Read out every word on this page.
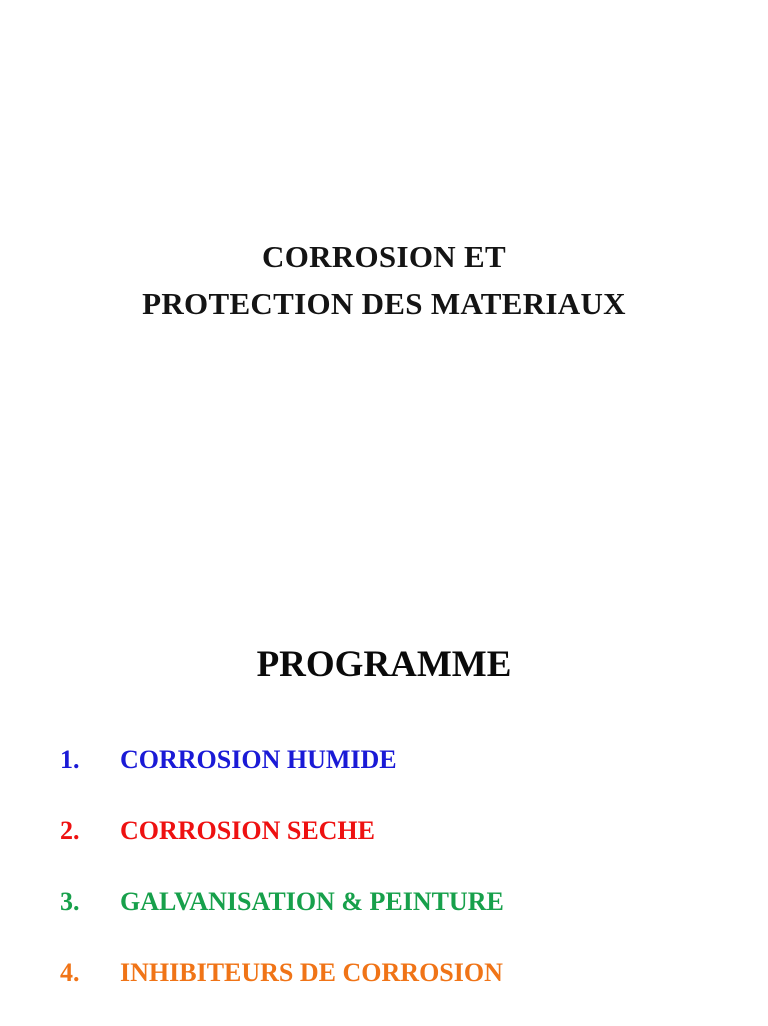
CORROSION ET
PROTECTION DES MATERIAUX
PROGRAMME
1. CORROSION HUMIDE
2. CORROSION SECHE
3. GALVANISATION & PEINTURE
4. INHIBITEURS DE CORROSION
